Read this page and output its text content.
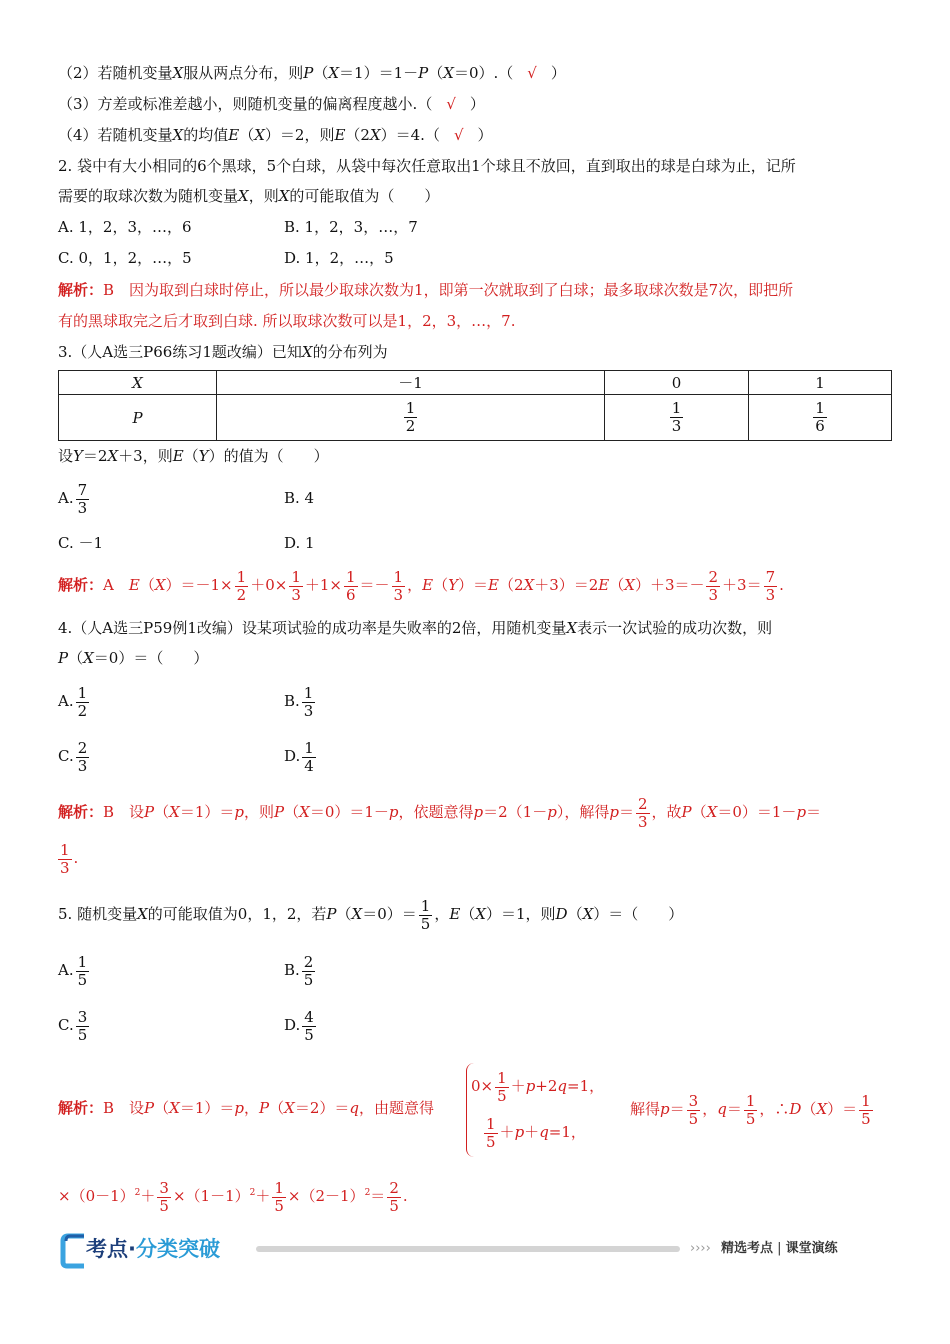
（2）若随机变量X服从两点分布，则P（X＝1）＝1－P（X＝0）.（ √ ）
（3）方差或标准差越小，则随机变量的偏离程度越小.（ √ ）
（4）若随机变量X的均值E（X）＝2，则E（2X）＝4.（ √ ）
2. 袋中有大小相同的6个黑球，5个白球，从袋中每次任意取出1个球且不放回，直到取出的球是白球为止，记所
需要的取球次数为随机变量X，则X的可能取值为（　　）
A. 1，2，3，…，6	B. 1，2，3，…，7
C. 0，1，2，…，5	D. 1，2，…，5
解析：B　因为取到白球时停止，所以最少取球次数为1，即第一次就取到了白球；最多取球次数是7次，即把所
有的黑球取完之后才取到白球. 所以取球次数可以是1，2，3，…，7.
3.（人A选三P66练习1题改编）已知X的分布列为
X	－1	0	1
P	$\frac{1}{2}$	$\frac{1}{3}$	$\frac{1}{6}$
设Y＝2X＋3，则E（Y）的值为（　　）
A. $\frac{7}{3}$	B. 4
C. －1	D. 1
解析：A　$E(X)=-1\times \frac{1}{2} +0\times \frac{1}{3} +1\times \frac{1}{6} =- \frac{1}{3}$ ，$E(Y)=E(2X+3)=2E(X)+3=- \frac{2}{3} +3= \frac{7}{3}$ .
4.（人A选三P59例1改编）设某项试验的成功率是失败率的2倍，用随机变量X表示一次试验的成功次数，则
P（X＝0）＝（　　）
A. $\frac{1}{2}$	B. $\frac{1}{3}$
C. $\frac{2}{3}$	D. $\frac{1}{4}$
解析：B　设P（X＝1）＝p，则P（X＝0）＝1－p，依题意得p＝2（1－p），解得$p= \frac{2}{3}$ ，故P（X＝0）＝1－p＝
$\frac{1}{3}$ .
5. 随机变量X的可能取值为0，1，2，若$P(X=0)= \frac{1}{5}$ ，E（X）＝1，则D（X）＝（　　）
A. $\frac{1}{5}$	B. $\frac{2}{5}$
C. $\frac{3}{5}$	D. $\frac{4}{5}$
解析：B　设P（X＝1）＝p，P（X＝2）＝q，由题意得
$0\times \frac{1}{5} +p+2q=1$，
$\frac{1}{5} +p+q=1$，
解得$p= \frac{3}{5}$ ，$q= \frac{1}{5}$ ，∴D（X）＝ $\frac{1}{5}$
$\times(0-1)^2+ \frac{3}{5} \times(1-1)^2+ \frac{1}{5} \times(2-1)^2= \frac{2}{5}$ .
考点·分类突破	›››› 精选考点 | 课堂演练
